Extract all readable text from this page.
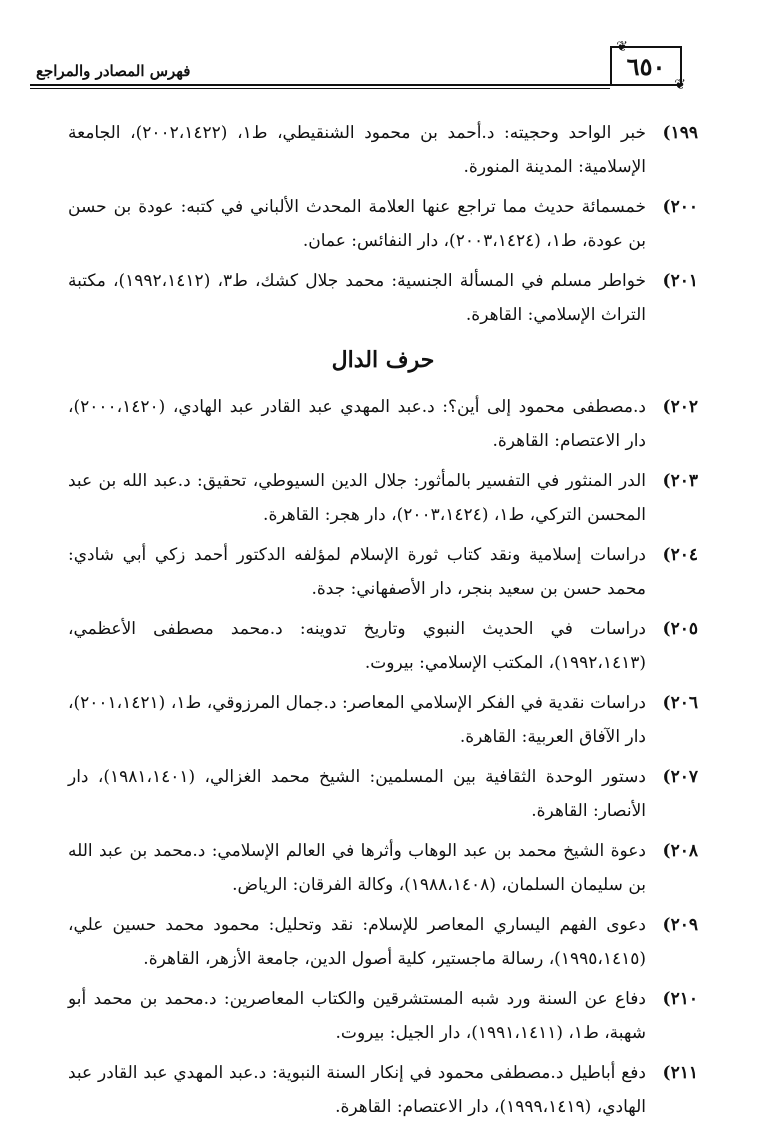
❦
❦
٦٥٠
فهرس المصادر والمراجع
١٩٩)
خبر الواحد وحجيته: د.أحمد بن محمود الشنقيطي، ط١، (٢٠٠٢،١٤٢٢)، الجامعة الإسلامية: المدينة المنورة.
٢٠٠)
خمسمائة حديث مما تراجع عنها العلامة المحدث الألباني في كتبه: عودة بن حسن بن عودة، ط١، (٢٠٠٣،١٤٢٤)، دار النفائس: عمان.
٢٠١)
خواطر مسلم في المسألة الجنسية: محمد جلال كشك، ط٣، (١٩٩٢،١٤١٢)، مكتبة التراث الإسلامي: القاهرة.
حرف الدال
٢٠٢)
د.مصطفى محمود إلى أين؟: د.عبد المهدي عبد القادر عبد الهادي، (٢٠٠٠،١٤٢٠)، دار الاعتصام: القاهرة.
٢٠٣)
الدر المنثور في التفسير بالمأثور: جلال الدين السيوطي، تحقيق: د.عبد الله بن عبد المحسن التركي، ط١، (٢٠٠٣،١٤٢٤)، دار هجر: القاهرة.
٢٠٤)
دراسات إسلامية ونقد كتاب ثورة الإسلام لمؤلفه الدكتور أحمد زكي أبي شادي: محمد حسن بن سعيد بنجر، دار الأصفهاني: جدة.
٢٠٥)
دراسات في الحديث النبوي وتاريخ تدوينه: د.محمد مصطفى الأعظمي، (١٩٩٢،١٤١٣)، المكتب الإسلامي: بيروت.
٢٠٦)
دراسات نقدية في الفكر الإسلامي المعاصر: د.جمال المرزوقي، ط١، (٢٠٠١،١٤٢١)، دار الآفاق العربية: القاهرة.
٢٠٧)
دستور الوحدة الثقافية بين المسلمين: الشيخ محمد الغزالي، (١٩٨١،١٤٠١)، دار الأنصار: القاهرة.
٢٠٨)
دعوة الشيخ محمد بن عبد الوهاب وأثرها في العالم الإسلامي: د.محمد بن عبد الله بن سليمان السلمان، (١٩٨٨،١٤٠٨)، وكالة الفرقان: الرياض.
٢٠٩)
دعوى الفهم اليساري المعاصر للإسلام: نقد وتحليل: محمود محمد حسين علي، (١٩٩٥،١٤١٥)، رسالة ماجستير، كلية أصول الدين، جامعة الأزهر، القاهرة.
٢١٠)
دفاع عن السنة ورد شبه المستشرقين والكتاب المعاصرين: د.محمد بن محمد أبو شهبة، ط١، (١٩٩١،١٤١١)، دار الجيل: بيروت.
٢١١)
دفع أباطيل د.مصطفى محمود في إنكار السنة النبوية: د.عبد المهدي عبد القادر عبد الهادي، (١٩٩٩،١٤١٩)، دار الاعتصام: القاهرة.
